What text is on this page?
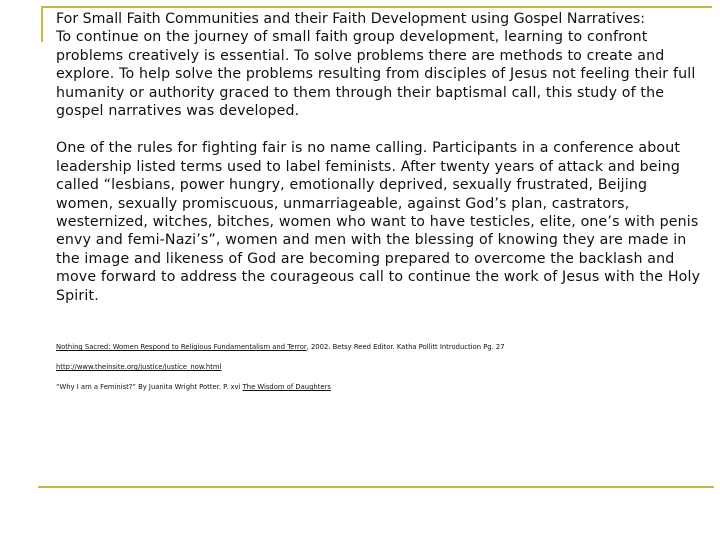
For Small Faith Communities and their Faith Development using Gospel Narratives:

To continue on the journey of small faith group development, learning to confront problems creatively is essential. To solve problems there are methods to create and explore. To help solve the problems resulting from disciples of Jesus not feeling their full humanity or authority graced to them through their baptismal call, this study of the gospel narratives was developed.

One of the rules for fighting fair is no name calling. Participants in a conference about leadership listed terms used to label feminists. After twenty years of attack and being called “lesbians, power hungry, emotionally deprived, sexually frustrated, Beijing women, sexually promiscuous, unmarriageable, against God’s plan, castrators, westernized, witches, bitches, women who want to have testicles, elite, one’s with penis envy and femi-Nazi’s”, women and men with the blessing of knowing they are made in the image and likeness of God are becoming prepared to overcome the backlash and move forward to address the courageous call to continue the work of Jesus with the Holy Spirit.

Nothing Sacred: Women Respond to Religious Fundamentalism and Terror, 2002. Betsy Reed Editor. Katha Pollitt Introduction Pg. 27

http://www.theinsite.org/justice/justice_now.html

“Why I am a Feminist?” By Juanita Wright Potter. P. xvi The Wisdom of Daughters
